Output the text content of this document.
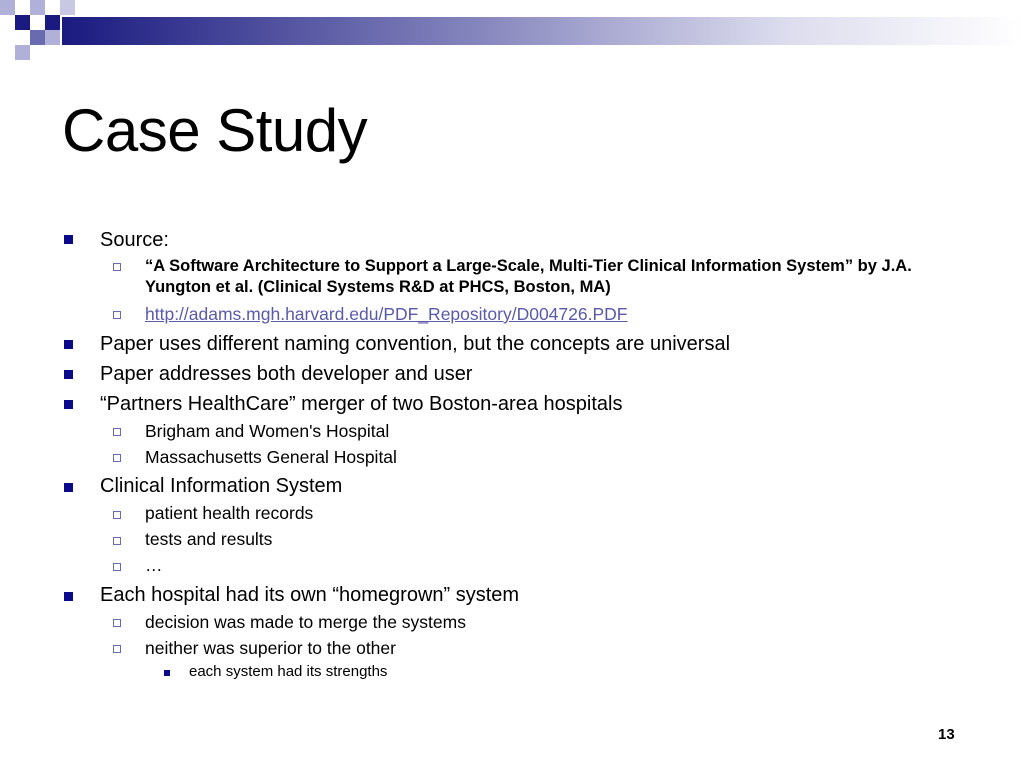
Case Study
Source:
“A Software Architecture to Support a Large-Scale, Multi-Tier Clinical Information System” by J.A. Yungton et al. (Clinical Systems R&D at PHCS, Boston, MA)
http://adams.mgh.harvard.edu/PDF_Repository/D004726.PDF
Paper uses different naming convention, but the concepts are universal
Paper addresses both developer and user
“Partners HealthCare” merger of two Boston-area hospitals
Brigham and Women's Hospital
Massachusetts General Hospital
Clinical Information System
patient health records
tests and results
…
Each hospital had its own “homegrown” system
decision was made to merge the systems
neither was superior to the other
each system had its strengths
13
